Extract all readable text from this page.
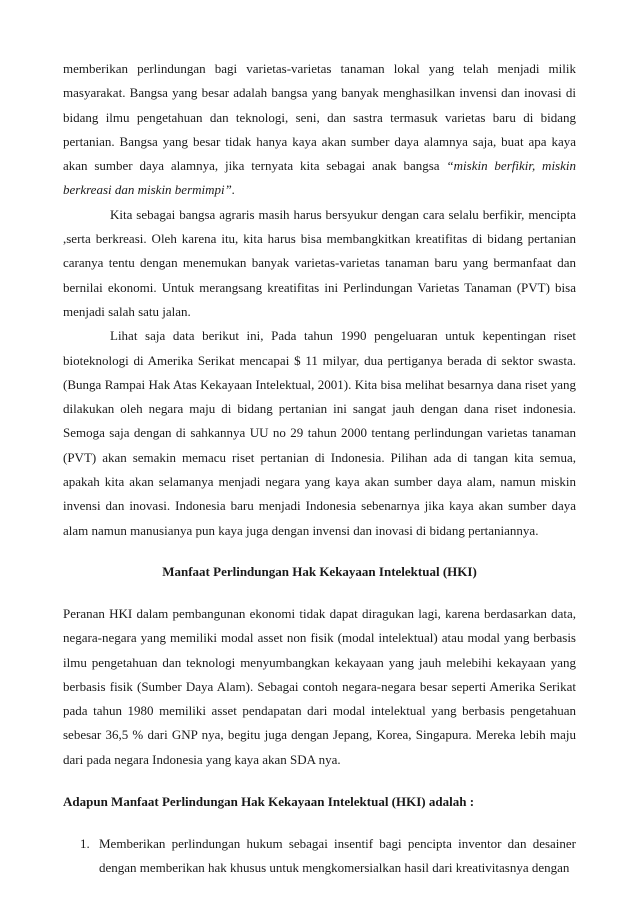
memberikan perlindungan bagi varietas-varietas tanaman lokal yang telah menjadi milik masyarakat. Bangsa yang besar adalah bangsa yang banyak menghasilkan invensi dan inovasi di bidang ilmu pengetahuan dan teknologi, seni, dan sastra termasuk varietas baru di bidang pertanian. Bangsa yang besar tidak hanya kaya akan sumber daya alamnya saja, buat apa kaya akan sumber daya alamnya, jika ternyata kita sebagai anak bangsa “miskin berfikir, miskin berkreasi dan miskin bermimpi”.

Kita sebagai bangsa agraris masih harus bersyukur dengan cara selalu berfikir, mencipta ,serta berkreasi. Oleh karena itu, kita harus bisa membangkitkan kreatifitas di bidang pertanian caranya tentu dengan menemukan banyak varietas-varietas tanaman baru yang bermanfaat dan bernilai ekonomi. Untuk merangsang kreatifitas ini Perlindungan Varietas Tanaman (PVT) bisa menjadi salah satu jalan.

Lihat saja data berikut ini, Pada tahun 1990 pengeluaran untuk kepentingan riset bioteknologi di Amerika Serikat mencapai $ 11 milyar, dua pertiganya berada di sektor swasta. (Bunga Rampai Hak Atas Kekayaan Intelektual, 2001). Kita bisa melihat besarnya dana riset yang dilakukan oleh negara maju di bidang pertanian ini sangat jauh dengan dana riset indonesia. Semoga saja dengan di sahkannya UU no 29 tahun 2000 tentang perlindungan varietas tanaman (PVT) akan semakin memacu riset pertanian di Indonesia. Pilihan ada di tangan kita semua, apakah kita akan selamanya menjadi negara yang kaya akan sumber daya alam, namun miskin invensi dan inovasi. Indonesia baru menjadi Indonesia sebenarnya jika kaya akan sumber daya alam namun manusianya pun kaya juga dengan invensi dan inovasi di bidang pertaniannya.

Manfaat Perlindungan Hak Kekayaan Intelektual (HKI)

Peranan HKI dalam pembangunan ekonomi tidak dapat diragukan lagi, karena berdasarkan data, negara-negara yang memiliki modal asset non fisik (modal intelektual) atau modal yang berbasis ilmu pengetahuan dan teknologi menyumbangkan kekayaan yang jauh melebihi kekayaan yang berbasis fisik (Sumber Daya Alam). Sebagai contoh negara-negara besar seperti Amerika Serikat pada tahun 1980 memiliki asset pendapatan dari modal intelektual yang berbasis pengetahuan sebesar 36,5 % dari GNP nya, begitu juga dengan Jepang, Korea, Singapura. Mereka lebih maju dari pada negara Indonesia yang kaya akan SDA nya.

Adapun Manfaat Perlindungan Hak Kekayaan Intelektual (HKI) adalah :
1. Memberikan perlindungan hukum sebagai insentif bagi pencipta inventor dan desainer dengan memberikan hak khusus untuk mengkomersialkan hasil dari kreativitasnya dengan
